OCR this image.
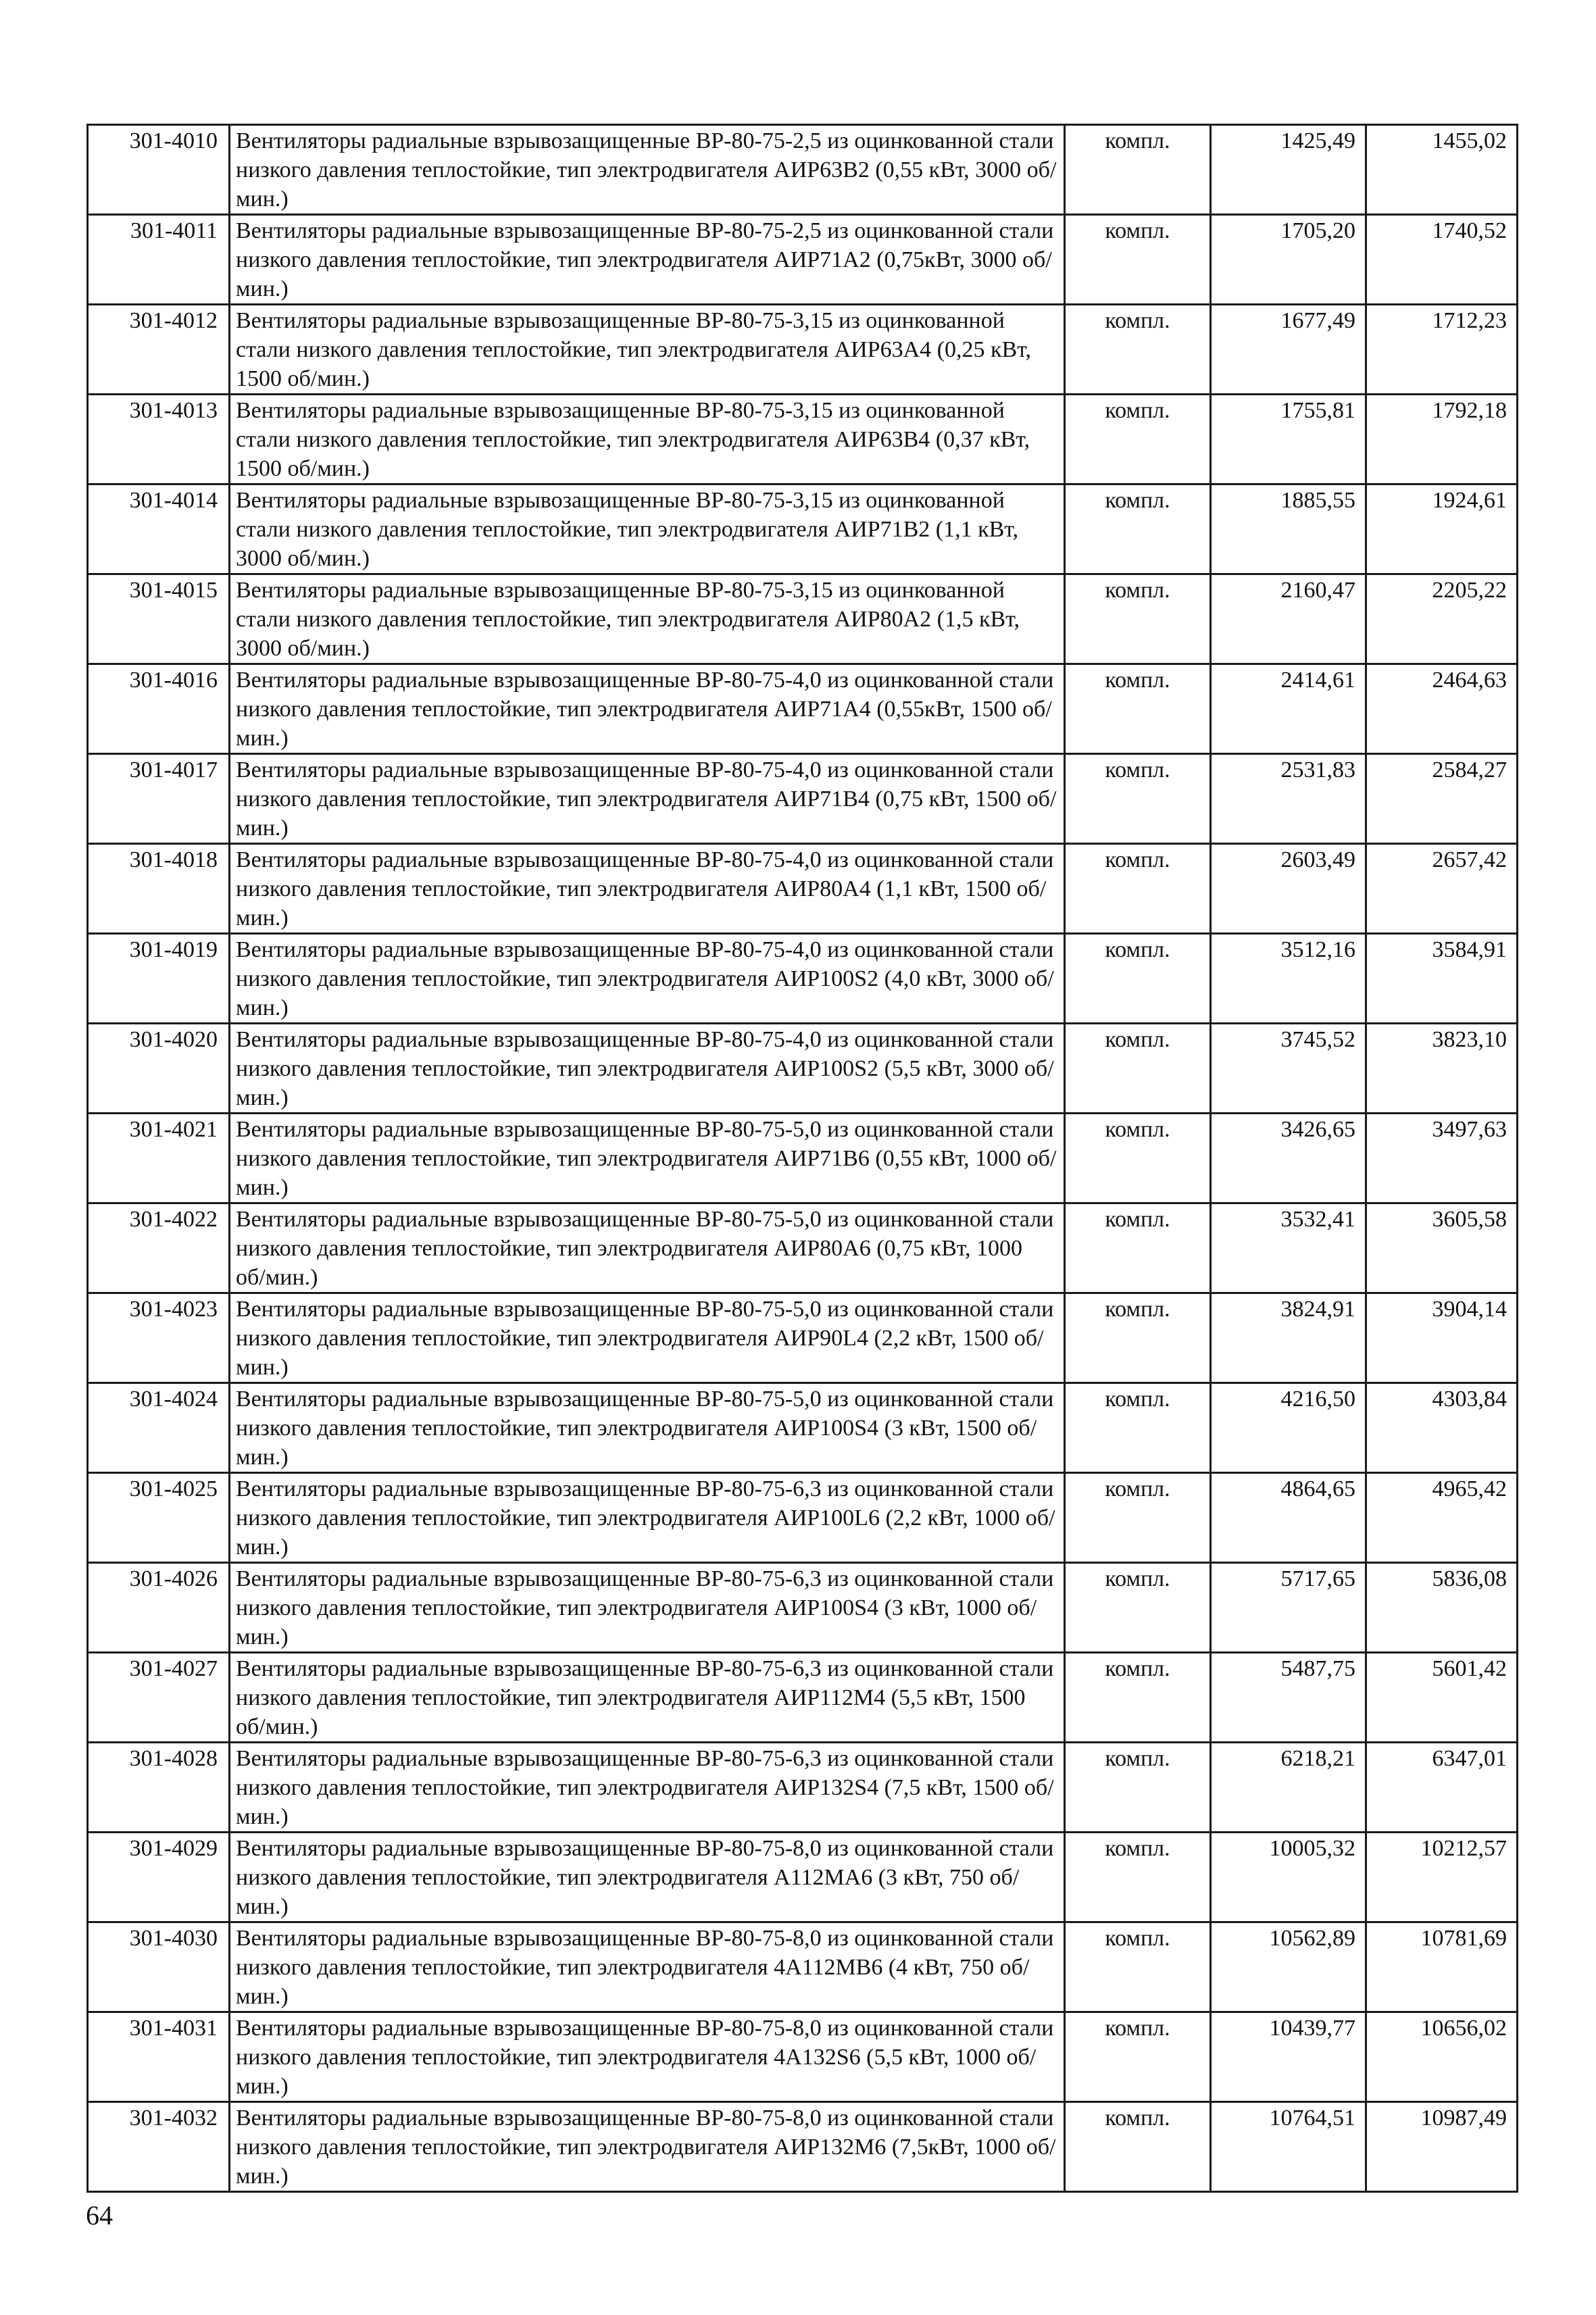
301-4010	Вентиляторы радиальные взрывозащищенные ВР-80-75-2,5 из оцинкованной стали низкого давления теплостойкие, тип электродвигателя АИР63В2 (0,55 кВт, 3000 об/мин.)	компл.	1425,49	1455,02
301-4011	Вентиляторы радиальные взрывозащищенные ВР-80-75-2,5 из оцинкованной стали низкого давления теплостойкие, тип электродвигателя АИР71А2 (0,75кВт, 3000 об/мин.)	компл.	1705,20	1740,52
301-4012	Вентиляторы радиальные взрывозащищенные ВР-80-75-3,15 из оцинкованной стали низкого давления теплостойкие, тип электродвигателя АИР63А4 (0,25 кВт, 1500 об/мин.)	компл.	1677,49	1712,23
301-4013	Вентиляторы радиальные взрывозащищенные ВР-80-75-3,15 из оцинкованной стали низкого давления теплостойкие, тип электродвигателя АИР63В4 (0,37 кВт, 1500 об/мин.)	компл.	1755,81	1792,18
301-4014	Вентиляторы радиальные взрывозащищенные ВР-80-75-3,15 из оцинкованной стали низкого давления теплостойкие, тип электродвигателя АИР71В2 (1,1 кВт, 3000 об/мин.)	компл.	1885,55	1924,61
301-4015	Вентиляторы радиальные взрывозащищенные ВР-80-75-3,15 из оцинкованной стали низкого давления теплостойкие, тип электродвигателя АИР80А2 (1,5 кВт, 3000 об/мин.)	компл.	2160,47	2205,22
301-4016	Вентиляторы радиальные взрывозащищенные ВР-80-75-4,0 из оцинкованной стали низкого давления теплостойкие, тип электродвигателя АИР71А4 (0,55кВт, 1500 об/мин.)	компл.	2414,61	2464,63
301-4017	Вентиляторы радиальные взрывозащищенные ВР-80-75-4,0 из оцинкованной стали низкого давления теплостойкие, тип электродвигателя АИР71В4 (0,75 кВт, 1500 об/мин.)	компл.	2531,83	2584,27
301-4018	Вентиляторы радиальные взрывозащищенные ВР-80-75-4,0 из оцинкованной стали низкого давления теплостойкие, тип электродвигателя АИР80А4 (1,1 кВт, 1500 об/мин.)	компл.	2603,49	2657,42
301-4019	Вентиляторы радиальные взрывозащищенные ВР-80-75-4,0 из оцинкованной стали низкого давления теплостойкие, тип электродвигателя АИР100S2 (4,0 кВт, 3000 об/мин.)	компл.	3512,16	3584,91
301-4020	Вентиляторы радиальные взрывозащищенные ВР-80-75-4,0 из оцинкованной стали низкого давления теплостойкие, тип электродвигателя АИР100S2 (5,5 кВт, 3000 об/мин.)	компл.	3745,52	3823,10
301-4021	Вентиляторы радиальные взрывозащищенные ВР-80-75-5,0 из оцинкованной стали низкого давления теплостойкие, тип электродвигателя АИР71В6 (0,55 кВт, 1000 об/мин.)	компл.	3426,65	3497,63
301-4022	Вентиляторы радиальные взрывозащищенные ВР-80-75-5,0 из оцинкованной стали низкого давления теплостойкие, тип электродвигателя АИР80А6 (0,75 кВт, 1000 об/мин.)	компл.	3532,41	3605,58
301-4023	Вентиляторы радиальные взрывозащищенные ВР-80-75-5,0 из оцинкованной стали низкого давления теплостойкие, тип электродвигателя АИР90L4 (2,2 кВт, 1500 об/мин.)	компл.	3824,91	3904,14
301-4024	Вентиляторы радиальные взрывозащищенные ВР-80-75-5,0 из оцинкованной стали низкого давления теплостойкие, тип электродвигателя АИР100S4 (3 кВт, 1500 об/мин.)	компл.	4216,50	4303,84
301-4025	Вентиляторы радиальные взрывозащищенные ВР-80-75-6,3 из оцинкованной стали низкого давления теплостойкие, тип электродвигателя АИР100L6 (2,2 кВт, 1000 об/мин.)	компл.	4864,65	4965,42
301-4026	Вентиляторы радиальные взрывозащищенные ВР-80-75-6,3 из оцинкованной стали низкого давления теплостойкие, тип электродвигателя АИР100S4 (3 кВт, 1000 об/мин.)	компл.	5717,65	5836,08
301-4027	Вентиляторы радиальные взрывозащищенные ВР-80-75-6,3 из оцинкованной стали низкого давления теплостойкие, тип электродвигателя АИР112М4 (5,5 кВт, 1500 об/мин.)	компл.	5487,75	5601,42
301-4028	Вентиляторы радиальные взрывозащищенные ВР-80-75-6,3 из оцинкованной стали низкого давления теплостойкие, тип электродвигателя АИР132S4 (7,5 кВт, 1500 об/мин.)	компл.	6218,21	6347,01
301-4029	Вентиляторы радиальные взрывозащищенные ВР-80-75-8,0 из оцинкованной стали низкого давления теплостойкие, тип электродвигателя А112МА6 (3 кВт, 750 об/мин.)	компл.	10005,32	10212,57
301-4030	Вентиляторы радиальные взрывозащищенные ВР-80-75-8,0 из оцинкованной стали низкого давления теплостойкие, тип электродвигателя 4А112МВ6 (4 кВт, 750 об/мин.)	компл.	10562,89	10781,69
301-4031	Вентиляторы радиальные взрывозащищенные ВР-80-75-8,0 из оцинкованной стали низкого давления теплостойкие, тип электродвигателя 4А132S6 (5,5 кВт, 1000 об/мин.)	компл.	10439,77	10656,02
301-4032	Вентиляторы радиальные взрывозащищенные ВР-80-75-8,0 из оцинкованной стали низкого давления теплостойкие, тип электродвигателя АИР132М6 (7,5кВт, 1000 об/мин.)	компл.	10764,51	10987,49
64
